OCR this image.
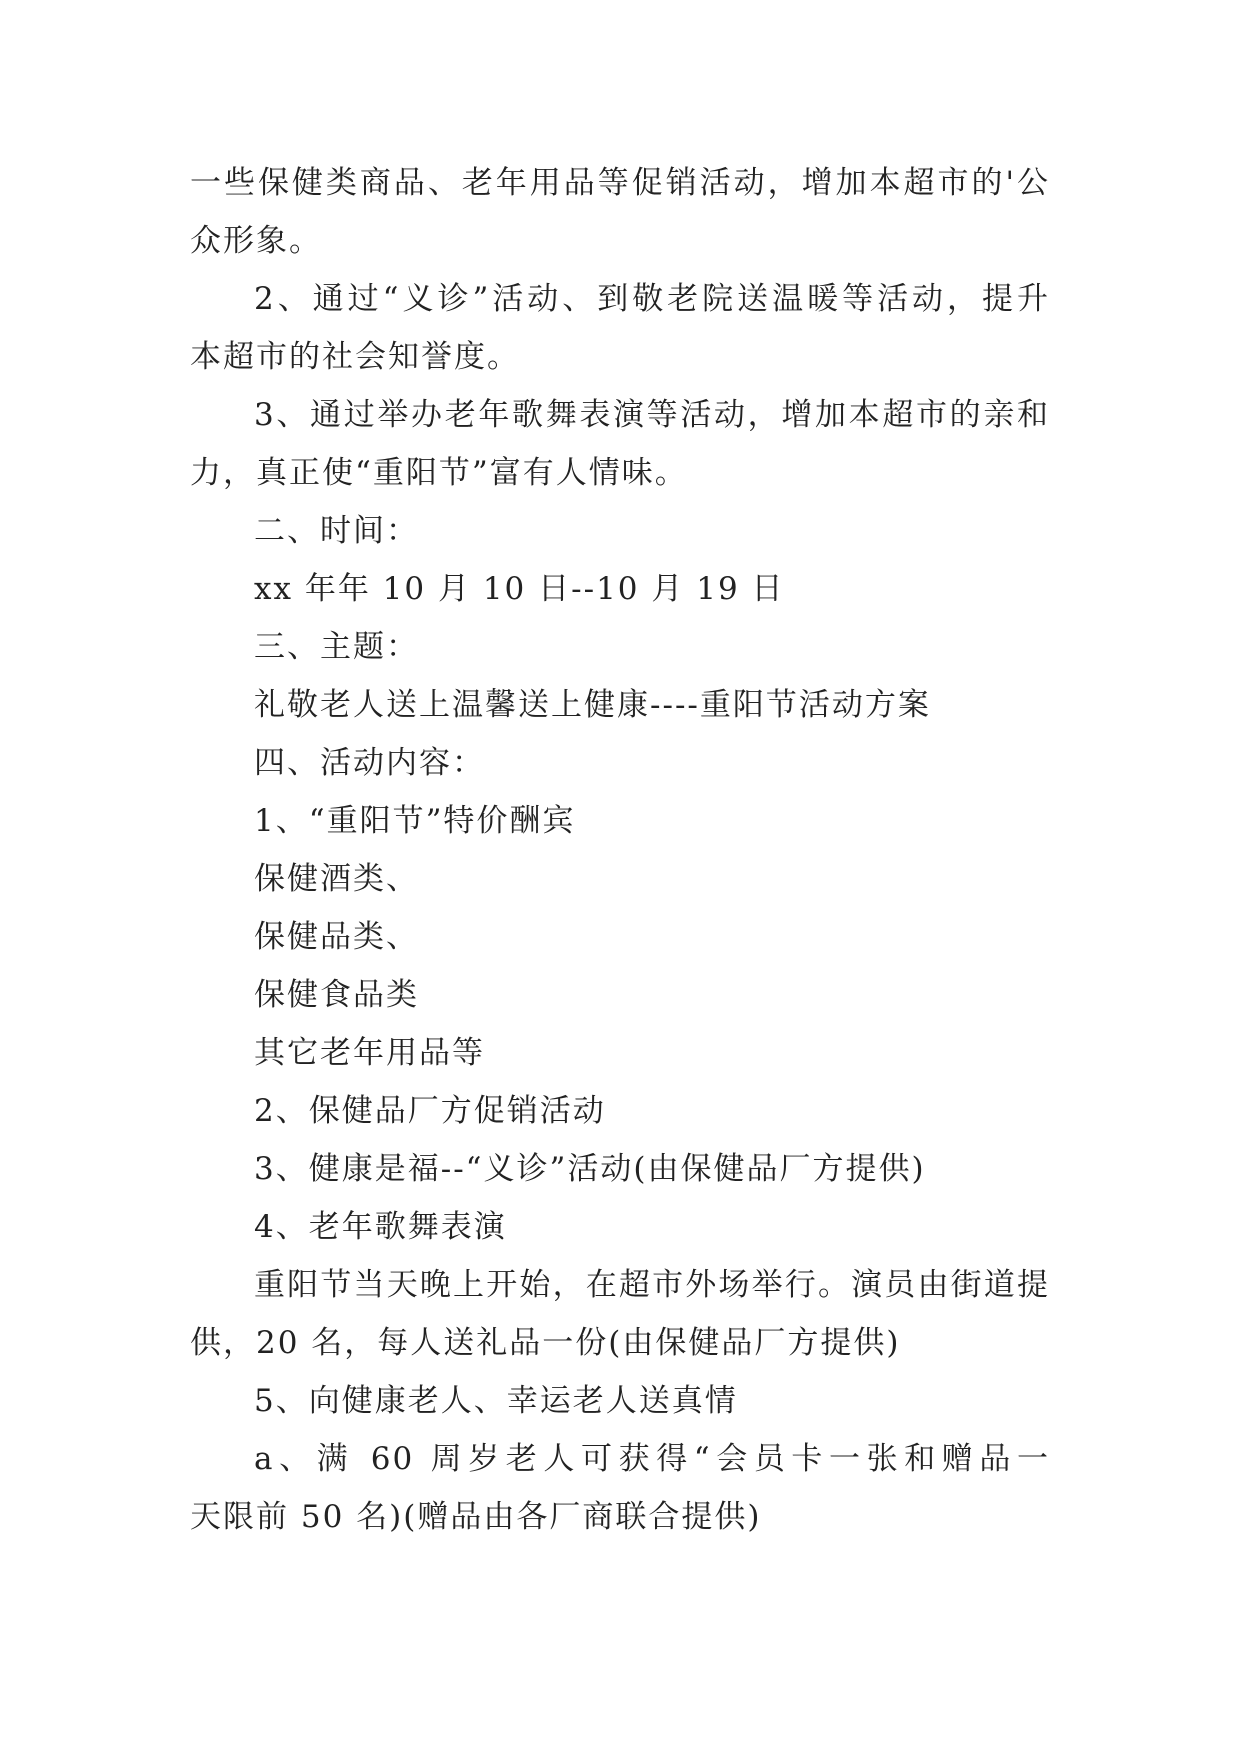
一些保健类商品、老年用品等促销活动，增加本超市的'公
众形象。
2、通过“义诊”活动、到敬老院送温暖等活动，提升
本超市的社会知誉度。
3、通过举办老年歌舞表演等活动，增加本超市的亲和
力，真正使“重阳节”富有人情味。
二、时间：
xx 年年 10 月 10 日--10 月 19 日
三、主题：
礼敬老人送上温馨送上健康----重阳节活动方案
四、活动内容：
1、“重阳节”特价酬宾
保健酒类、
保健品类、
保健食品类
其它老年用品等
2、保健品厂方促销活动
3、健康是福--“义诊”活动(由保健品厂方提供)
4、老年歌舞表演
重阳节当天晚上开始，在超市外场举行。演员由街道提
供，20 名，每人送礼品一份(由保健品厂方提供)
5、向健康老人、幸运老人送真情
a、满 60 周岁老人可获得“会员卡一张和赠品一
天限前 50 名)(赠品由各厂商联合提供)
